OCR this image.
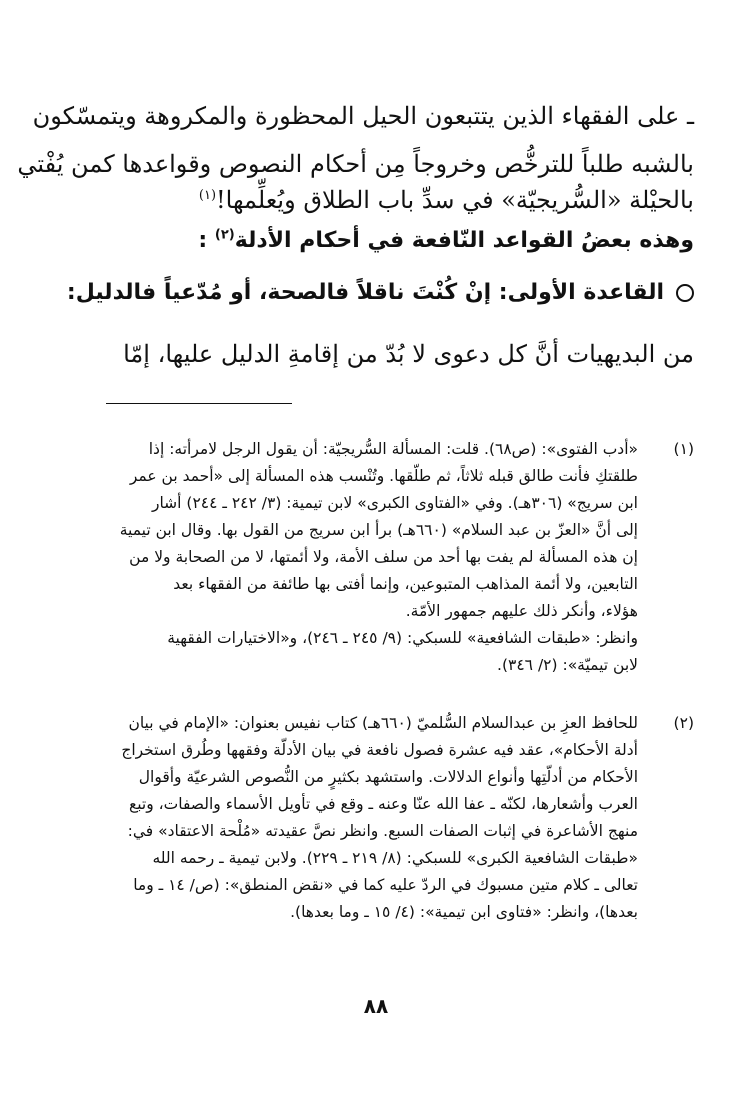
ـ على الفقهاء الذين يتتبعون الحيل المحظورة والمكروهة ويتمسّكون
بالشبه طلباً للترخُّص وخروجاً مِن أحكام النصوص وقواعدها كمن يُفْتي
بالحيْلة «السُّريجيّة» في سدِّ باب الطلاق ويُعلِّمها!$^{(١)}$
وهذه بعضُ القواعد النّافعة في أحكام الأدلة$^{(٢)}$ :
القاعدة الأولى: إنْ كُنْتَ ناقلاً فالصحة، أو مُدّعياً فالدليل:
من البديهيات أنَّ كل دعوى لا بُدّ من إقامةِ الدليل عليها، إمّا
(١)
«أدب الفتوى»: (ص٦٨). قلت: المسألة السُّريجيّة: أن يقول الرجل لامرأته: إذا
طلقتكِ فأنت طالق قبله ثلاثاً، ثم طلّقها. وتُنْسب هذه المسألة إلى «أحمد بن عمر
ابن سريج» (٣٠٦هـ). وفي «الفتاوى الكبرى» لابن تيمية: (٣/ ٢٤٢ ـ ٢٤٤) أشار
إلى أنَّ «العزّ بن عبد السلام» (٦٦٠هـ) برأ ابن سريج من القول بها. وقال ابن تيمية
إن هذه المسألة لم يفت بها أحد من سلف الأمة، ولا أئمتها، لا من الصحابة ولا من
التابعين، ولا أئمة المذاهب المتبوعين، وإنما أفتى بها طائفة من الفقهاء بعد
هؤلاء، وأنكر ذلك عليهم جمهور الأمّة.
وانظر: «طبقات الشافعية» للسبكي: (٩/ ٢٤٥ ـ ٢٤٦)، و«الاختيارات الفقهية
لابن تيميّة»: (٢/ ٣٤٦).
(٢)
للحافظ العزِ بن عبدالسلام السُّلميّ (٦٦٠هـ) كتاب نفيس بعنوان: «الإمام في بيان
أدلة الأحكام»، عقد فيه عشرة فصول نافعة في بيان الأدلّة وفقهها وطُرق استخراج
الأحكام من أدلّتِها وأنواع الدلالات. واستشهد بكثيرٍ من النُّصوص الشرعيّة وأقوال
العرب وأشعارها، لكنّه ـ عفا الله عنّا وعنه ـ وقع في تأويل الأسماء والصفات، وتبع
منهج الأشاعرة في إثبات الصفات السبع. وانظر نصَّ عقيدته «مُلْحة الاعتقاد» في:
«طبقات الشافعية الكبرى» للسبكي: (٨/ ٢١٩ ـ ٢٢٩). ولابن تيمية ـ رحمه الله
تعالى ـ كلام متين مسبوك في الردّ عليه كما في «نقض المنطق»: (ص/ ١٤ ـ وما
بعدها)، وانظر: «فتاوى ابن تيمية»: (٤/ ١٥ ـ وما بعدها).
٨٨
